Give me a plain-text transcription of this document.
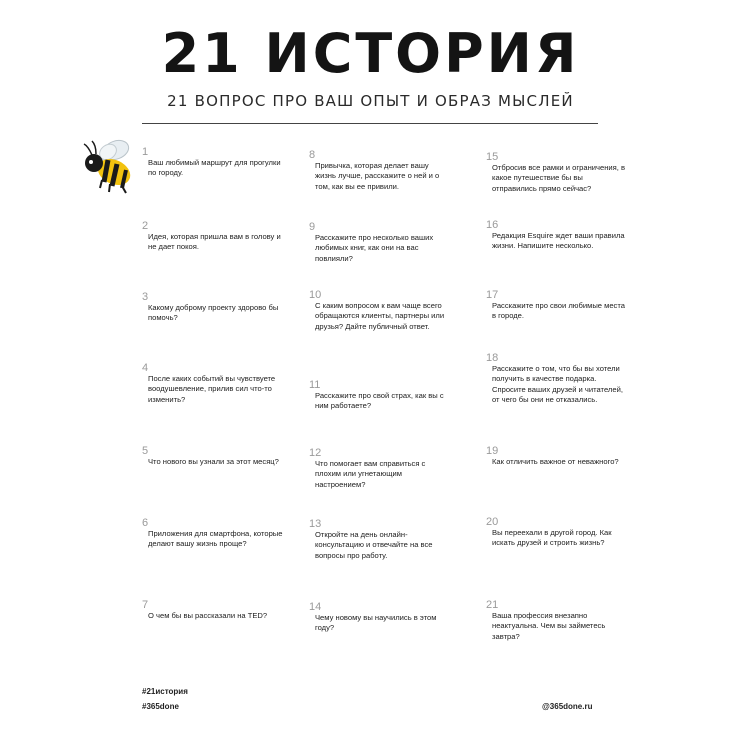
21 ИСТОРИЯ
21 ВОПРОС ПРО ВАШ ОПЫТ И ОБРАЗ МЫСЛЕЙ
1
Ваш любимый маршрут для прогулки по городу.
2
Идея, которая пришла вам в голову и не дает покоя.
3
Какому доброму проекту здорово бы помочь?
4
После каких событий вы чувствуете воодушевление, прилив сил что-то изменить?
5
Что нового вы узнали за этот месяц?
6
Приложения для смартфона, которые делают вашу жизнь проще?
7
О чем бы вы рассказали на TED?
8
Привычка, которая делает вашу жизнь лучше, расскажите о ней и о том, как вы ее привили.
9
Расскажите про несколько ваших любимых книг, как они на вас повлияли?
10
С каким вопросом к вам чаще всего обращаются клиенты, партнеры или друзья? Дайте публичный ответ.
11
Расскажите про свой страх, как вы с ним работаете?
12
Что помогает вам справиться с плохим или угнетающим настроением?
13
Откройте на день онлайн-консультацию и отвечайте на все вопросы про работу.
14
Чему новому вы научились в этом году?
15
Отбросив все рамки и ограничения, в какое путешествие бы вы отправились прямо сейчас?
16
Редакция Esquire ждет ваши правила жизни. Напишите несколько.
17
Расскажите про свои любимые места в городе.
18
Расскажите о том, что бы вы хотели получить в качестве подарка. Спросите ваших друзей и читателей, от чего бы они не отказались.
19
Как отличить важное от неважного?
20
Вы переехали в другой город. Как искать друзей и строить жизнь?
21
Ваша профессия внезапно неактуальна. Чем вы займетесь завтра?
#21история
#365done	@365done.ru
